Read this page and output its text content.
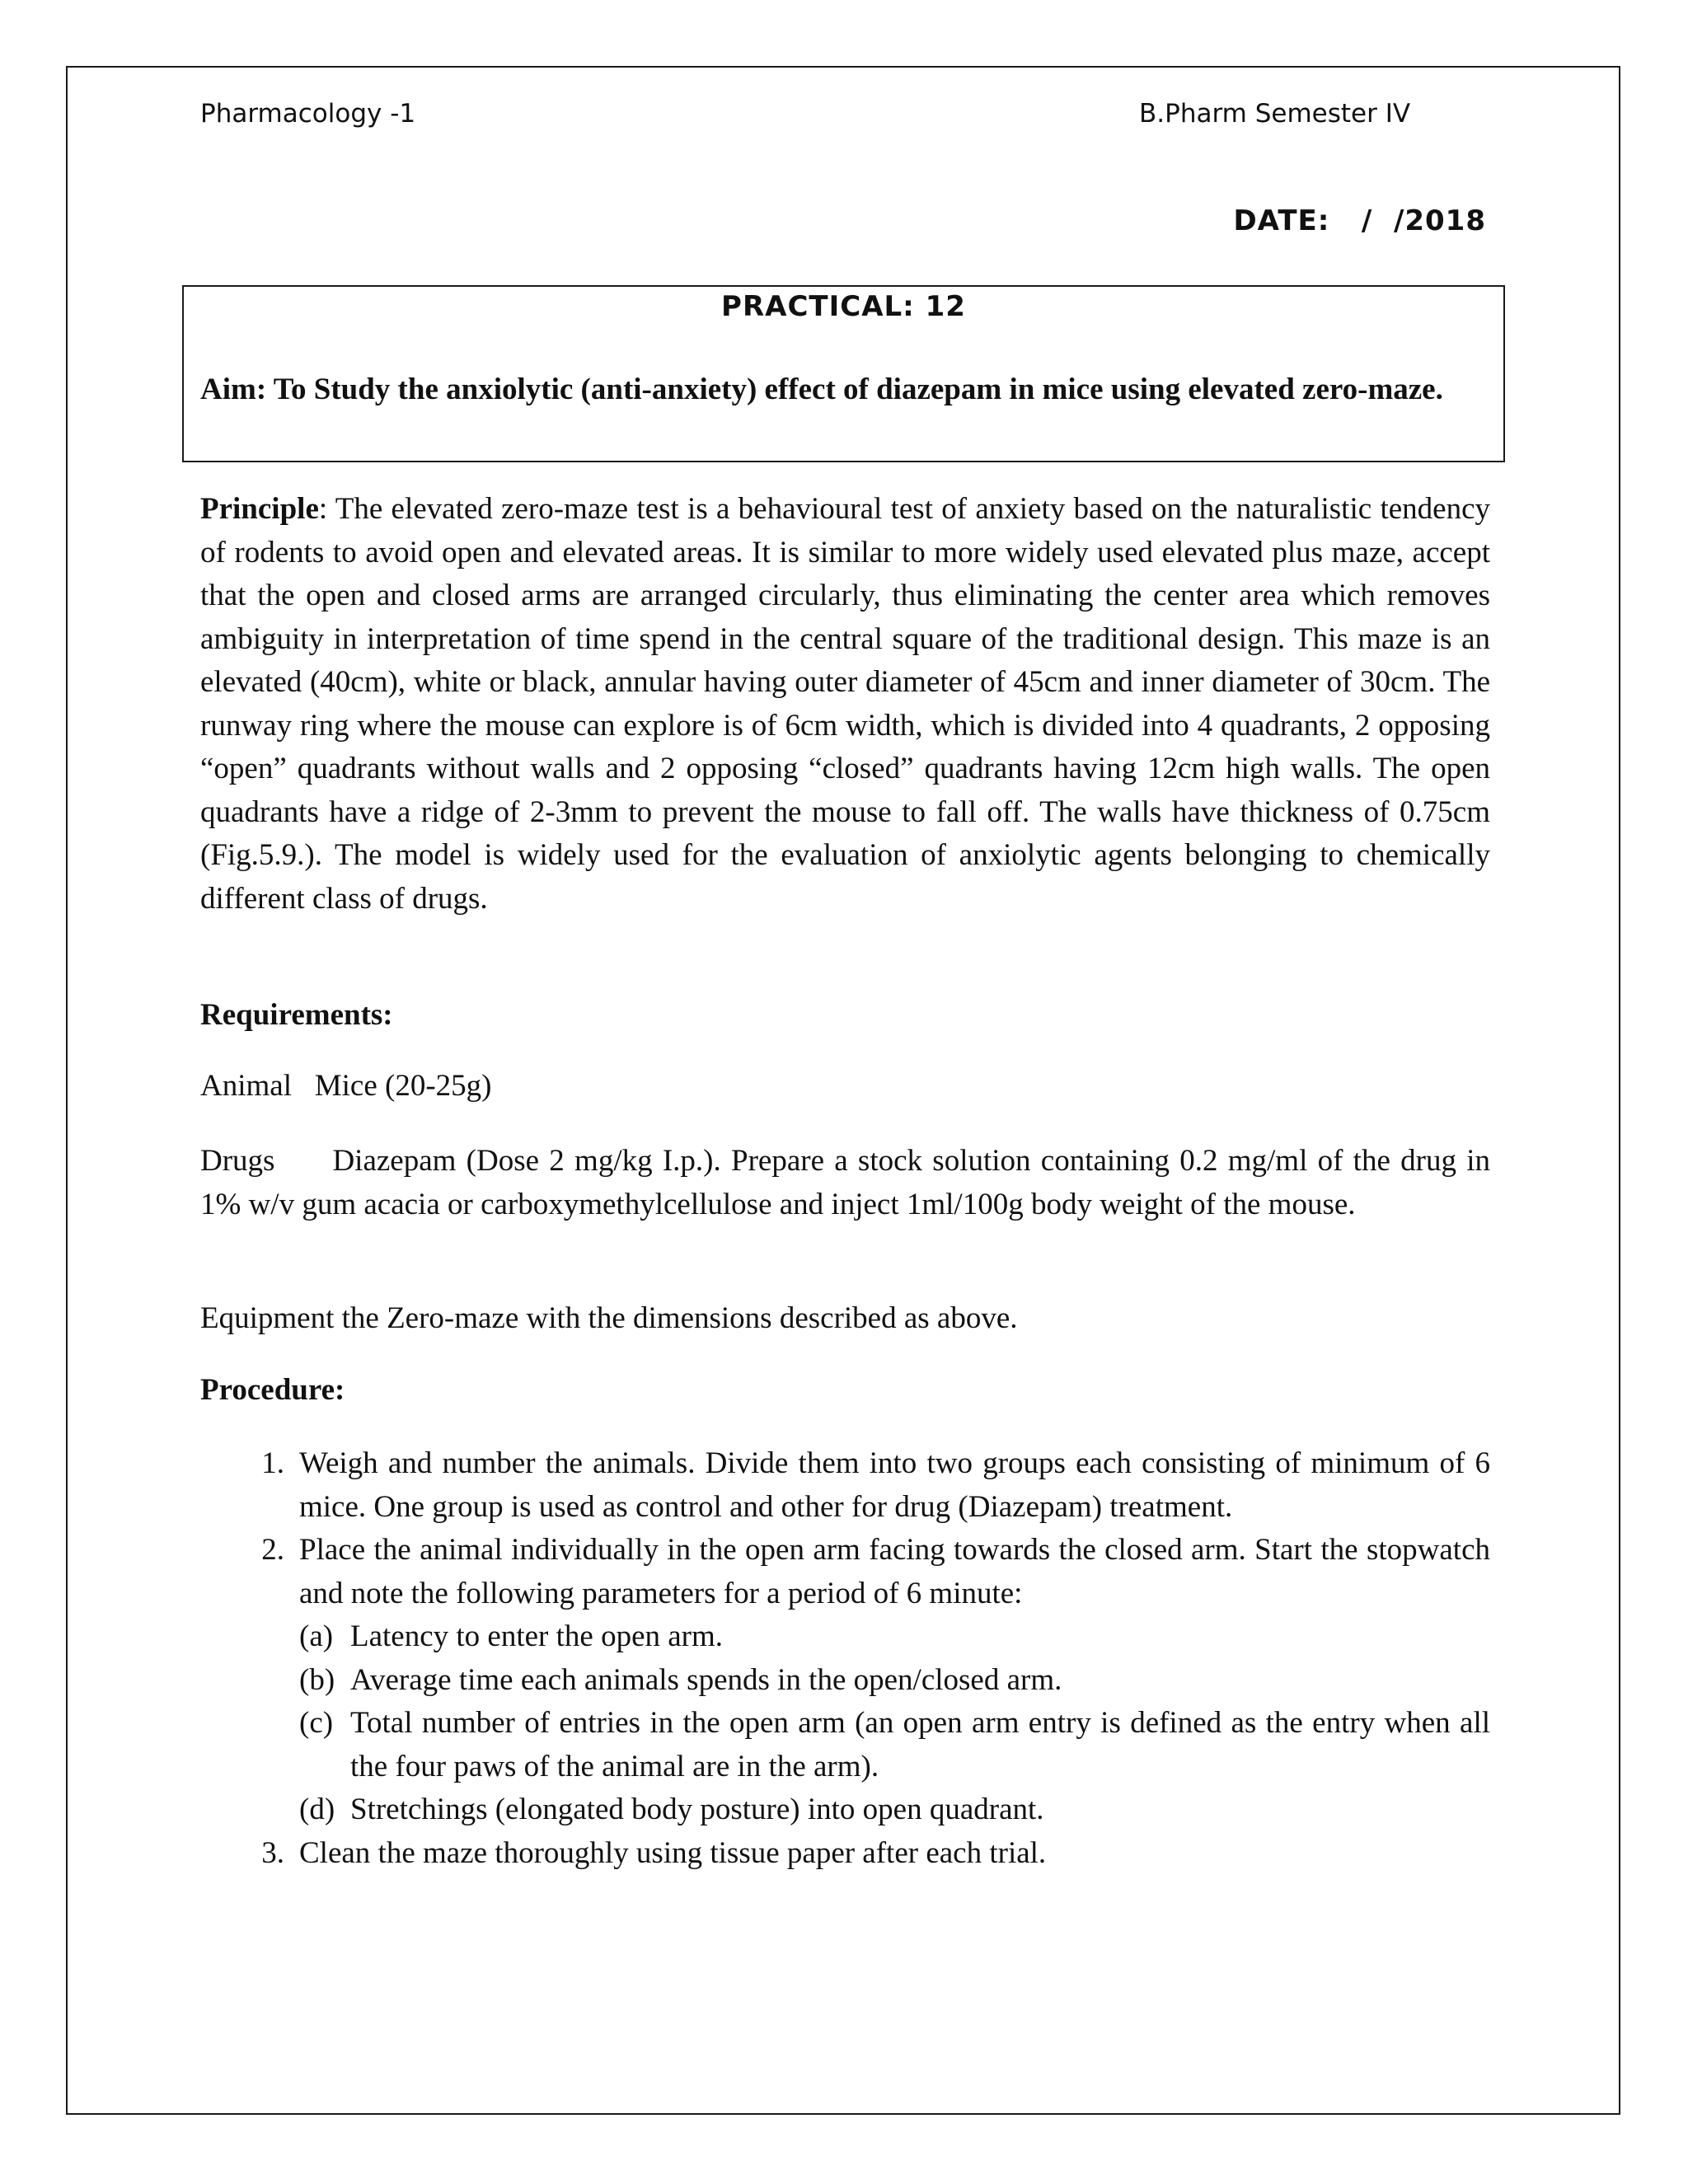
Pharmacology -1	B.Pharm Semester IV
DATE:   /  /2018
PRACTICAL: 12
Aim: To Study the anxiolytic (anti-anxiety) effect of diazepam in mice using elevated zero-maze.
Principle: The elevated zero-maze test is a behavioural test of anxiety based on the naturalistic tendency of rodents to avoid open and elevated areas. It is similar to more widely used elevated plus maze, accept that the open and closed arms are arranged circularly, thus eliminating the center area which removes ambiguity in interpretation of time spend in the central square of the traditional design. This maze is an elevated (40cm), white or black, annular having outer diameter of 45cm and inner diameter of 30cm. The runway ring where the mouse can explore is of 6cm width, which is divided into 4 quadrants, 2 opposing “open” quadrants without walls and 2 opposing “closed” quadrants having 12cm high walls. The open quadrants have a ridge of 2-3mm to prevent the mouse to fall off. The walls have thickness of 0.75cm (Fig.5.9.). The model is widely used for the evaluation of anxiolytic agents belonging to chemically different class of drugs.
Requirements:
Animal Mice (20-25g)
Drugs Diazepam (Dose 2 mg/kg I.p.). Prepare a stock solution containing 0.2 mg/ml of the drug in 1% w/v gum acacia or carboxymethylcellulose and inject 1ml/100g body weight of the mouse.
Equipment the Zero-maze with the dimensions described as above.
Procedure:
1. Weigh and number the animals. Divide them into two groups each consisting of minimum of 6 mice. One group is used as control and other for drug (Diazepam) treatment.
2. Place the animal individually in the open arm facing towards the closed arm. Start the stopwatch and note the following parameters for a period of 6 minute:
(a) Latency to enter the open arm.
(b) Average time each animals spends in the open/closed arm.
(c) Total number of entries in the open arm (an open arm entry is defined as the entry when all the four paws of the animal are in the arm).
(d) Stretchings (elongated body posture) into open quadrant.
3. Clean the maze thoroughly using tissue paper after each trial.
